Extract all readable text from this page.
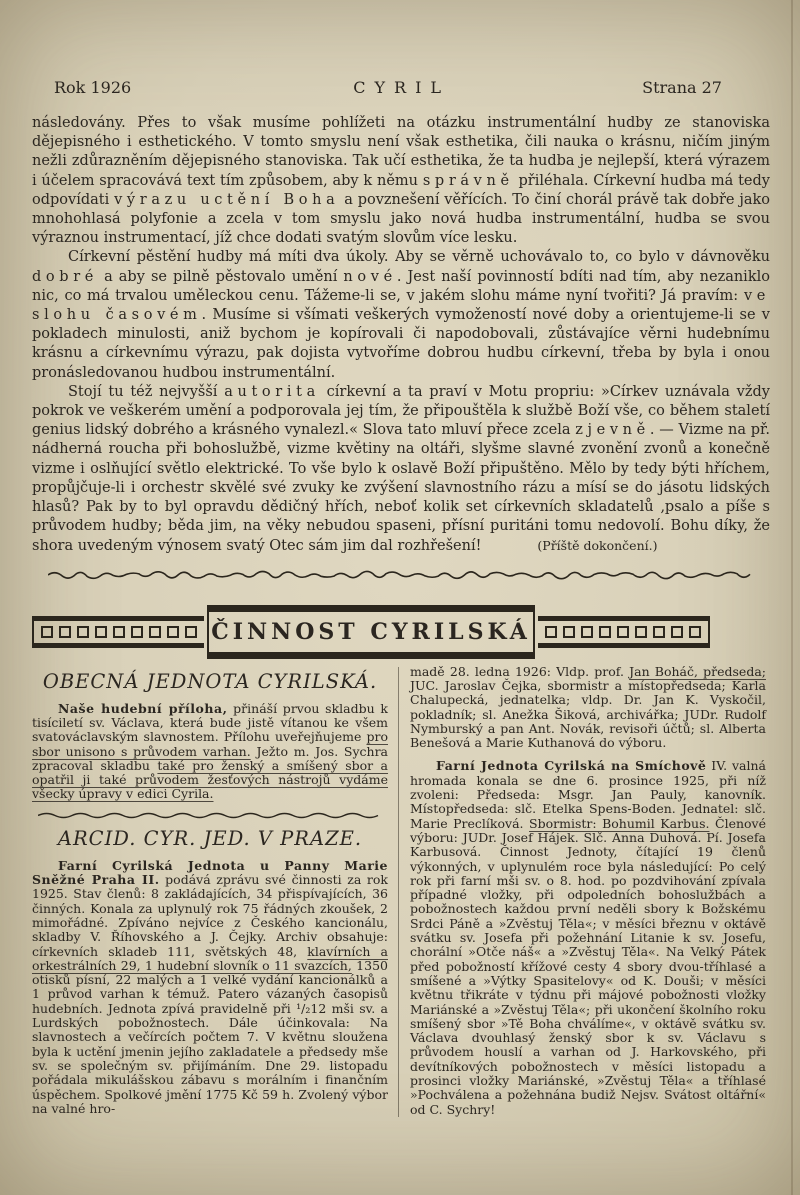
Rok 1926	CYRIL	Strana 27

následovány. Přes to však musíme pohlížeti na otázku instrumentální hudby ze stanoviska dějepisného i esthetického. V tomto smyslu není však esthetika, čili nauka o krásnu, ničím jiným nežli zdůrazněním dějepisného stanoviska. Tak učí esthetika, že ta hudba je nejlepší, která výrazem i účelem spracovává text tím způsobem, aby k němu správně přiléhala. Církevní hudba má tedy odpovídati výrazu uctění Boha a povznešení věřících. To činí chorál právě tak dobře jako mnohohlasá polyfonie a zcela v tom smyslu jako nová hudba instrumentální, hudba se svou výraznou instrumentací, jíž chce dodati svatým slovům více lesku.

Církevní pěstění hudby má míti dva úkoly. Aby se věrně uchovávalo to, co bylo v dávnověku dobré a aby se pilně pěstovalo umění nové. Jest naší povinností bdíti nad tím, aby nezaniklo nic, co má trvalou uměleckou cenu. Tážeme-li se, v jakém slohu máme nyní tvořiti? Já pravím: ve slohu časovém. Musíme si všímati veškerých vymožeností nové doby a orientujeme-li se v pokladech minulosti, aniž bychom je kopírovali či napodobovali, zůstávajíce věrni hudebnímu krásnu a církevnímu výrazu, pak dojista vytvoříme dobrou hudbu církevní, třeba by byla i onou pronásledovanou hudbou instrumentální.

Stojí tu též nejvyšší autorita církevní a ta praví v Motu propriu: »Církev uznávala vždy pokrok ve veškerém umění a podporovala jej tím, že připouštěla k službě Boží vše, co během staletí genius lidský dobrého a krásného vynalezl.« Slova tato mluví přece zcela zjevně. — Vizme na př. nádherná roucha při bohoslužbě, vizme květiny na oltáři, slyšme slavné zvonění zvonů a konečně vizme i oslňující světlo elektrické. To vše bylo k oslavě Boží připuštěno. Mělo by tedy býti hříchem, propůjčuje-li i orchestr skvělé své zvuky ke zvýšení slavnostního rázu a mísí se do jásotu lidských hlasů? Pak by to byl opravdu dědičný hřích, neboť kolik set církevních skladatelů ‚psalo a píše s průvodem hudby; běda jim, na věky nebudou spaseni, přísní puritáni tomu nedovolí. Bohu díky, že shora uvedeným výnosem svatý Otec sám jim dal rozhřešení!	(Příště dokončení.)

ČINNOST CYRILSKÁ
OBECNÁ JEDNOTA CYRILSKÁ.

Naše hudební příloha, přináší prvou skladbu k tisíciletí sv. Václava, která bude jistě vítanou ke všem svatováclavským slavnostem. Přílohu uveřejňujeme pro sbor unisono s průvodem varhan. Ježto m. Jos. Sychra zpracoval skladbu také pro ženský a smíšený sbor a opatřil ji také průvodem žesťových nástrojů vydáme všecky úpravy v edici Cyrila.

ARCID. CYR. JED. V PRAZE.

Farní Cyrilská Jednota u Panny Marie Sněžné Praha II. podává zprávu své činnosti za rok 1925. Stav členů: 8 zakládajících, 34 přispívajících, 36 činných. Konala za uplynulý rok 75 řádných zkoušek, 2 mimořádné. Zpíváno nejvíce z Českého kancionálu, skladby V. Říhovského a J. Čejky. Archiv obsahuje: církevních skladeb 111, světských 48, klavírních a orkestrálních 29, 1 hudební slovník o 11 svazcích, 1350 otisků písní, 22 malých a 1 velké vydání kancionálků a 1 průvod varhan k témuž. Patero vázaných časopisů hudebních. Jednota zpívá pravidelně při ¹/₂12 mši sv. a Lurdských pobožnostech. Dále účinkovala: Na slavnostech a večírcích počtem 7. V květnu sloužena byla k uctění jmenin jejího zakladatele a předsedy mše sv. se společným sv. přijímáním. Dne 29. listopadu pořádala mikulášskou zábavu s morálním i finančním úspěchem. Spolkové jmění 1775 Kč 59 h. Zvolený výbor na valné hro-

madě 28. ledna 1926: Vldp. prof. Jan Boháč, předseda; JUC. Jaroslav Čejka, sbormistr a místopředseda; Karla Chalupecká, jednatelka; vldp. Dr. Jan K. Vyskočil, pokladník; sl. Anežka Šiková, archivářka; JUDr. Rudolf Nymburský a pan Ant. Novák, revisoři účtů; sl. Alberta Benešová a Marie Kuthanová do výboru.

Farní Jednota Cyrilská na Smíchově IV. valná hromada konala se dne 6. prosince 1925, při níž zvoleni: Předseda: Msgr. Jan Pauly, kanovník. Místopředseda: slč. Etelka Spens-Boden. Jednatel: slč. Marie Preclíková. Sbormistr: Bohumil Karbus. Členové výboru: JUDr. Josef Hájek. Slč. Anna Duhová. Pí. Josefa Karbusová. Činnost Jednoty, čítající 19 členů výkonných, v uplynulém roce byla následující: Po celý rok při farní mši sv. o 8. hod. po pozdvihování zpívala případné vložky, při odpoledních bohoslužbách a pobožnostech každou první neděli sbory k Božskému Srdci Páně a »Zvěstuj Těla«; v měsíci březnu v oktávě svátku sv. Josefa při požehnání Litanie k sv. Josefu, chorální »Otče náš« a »Zvěstuj Těla«. Na Velký Pátek před pobožností křížové cesty 4 sbory dvou-tříhlasé a smíšené a »Výtky Spasitelovy« od K. Douši; v měsíci květnu třikráte v týdnu při májové pobožnosti vložky Mariánské a »Zvěstuj Těla«; při ukončení školního roku smíšený sbor »Tě Boha chválíme«, v oktávě svátku sv. Václava dvouhlasý ženský sbor k sv. Václavu s průvodem houslí a varhan od J. Harkovského, při devítníkových pobožnostech v měsíci listopadu a prosinci vložky Mariánské, »Zvěstuj Těla« a tříhlasé »Pochválena a požehnána budiž Nejsv. Svátost oltářní« od C. Sychry!
